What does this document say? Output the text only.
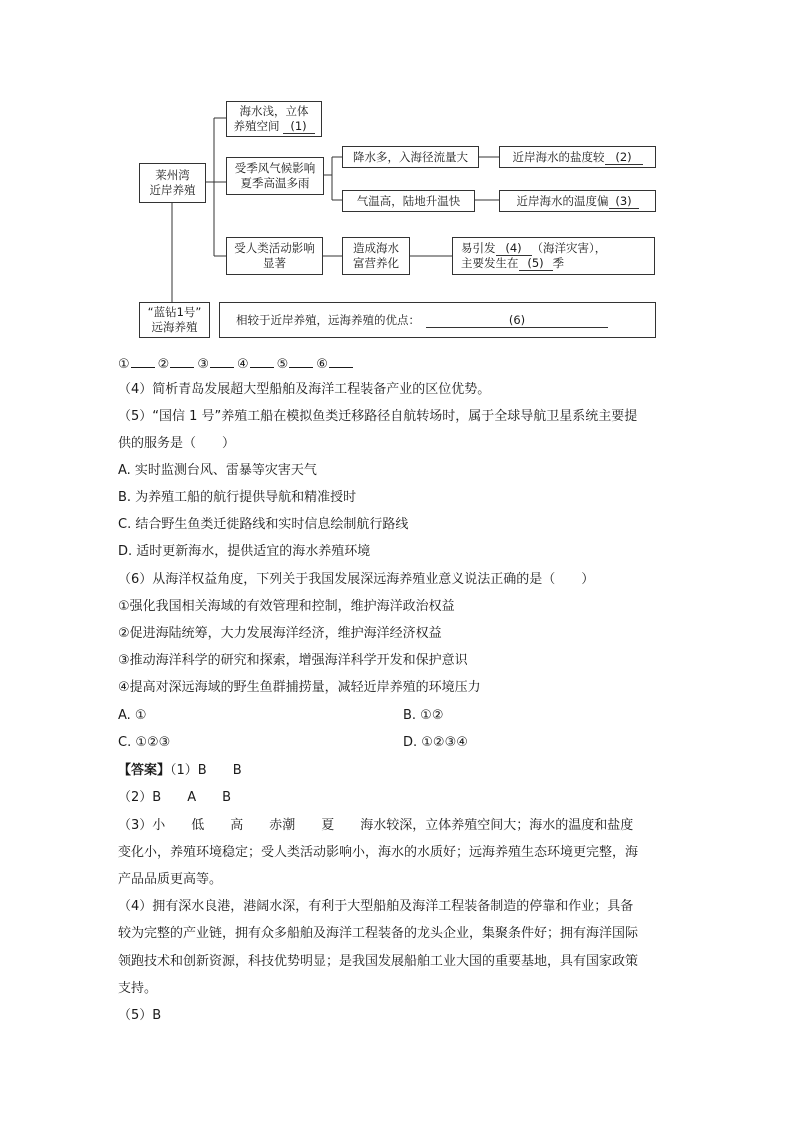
莱州湾
近岸养殖
海水浅，立体
养殖空间 (1)
受季风气候影响
夏季高温多雨
降水多，入海径流量大	近岸海水的盐度较 (2)
气温高，陆地升温快	近岸海水的温度偏 (3)
受人类活动影响
显著
造成海水
富营养化
易引发 (4) （海洋灾害），
主要发生在 (5) 季
“蓝钻1号”
远海养殖
相较于近岸养殖，远海养殖的优点：	(6)
① ② ③ ④ ⑤ ⑥
（4）简析青岛发展超大型船舶及海洋工程装备产业的区位优势。
（5）“国信 1 号”养殖工船在模拟鱼类迁移路径自航转场时，属于全球导航卫星系统主要提
供的服务是（　　）
A. 实时监测台风、雷暴等灾害天气
B. 为养殖工船的航行提供导航和精准授时
C. 结合野生鱼类迁徙路线和实时信息绘制航行路线
D. 适时更新海水，提供适宜的海水养殖环境
（6）从海洋权益角度，下列关于我国发展深远海养殖业意义说法正确的是（　　）
①强化我国相关海域的有效管理和控制，维护海洋政治权益
②促进海陆统筹，大力发展海洋经济，维护海洋经济权益
③推动海洋科学的研究和探索，增强海洋科学开发和保护意识
④提高对深远海域的野生鱼群捕捞量，减轻近岸养殖的环境压力
A. ①	B. ①②
C. ①②③	D. ①②③④
【答案】（1）B　　B
（2）B　　A　　B
（3）小　　低　　高　　赤潮　　夏　　海水较深，立体养殖空间大；海水的温度和盐度
变化小，养殖环境稳定；受人类活动影响小，海水的水质好；远海养殖生态环境更完整，海
产品品质更高等。
（4）拥有深水良港，港阔水深，有利于大型船舶及海洋工程装备制造的停靠和作业；具备
较为完整的产业链，拥有众多船舶及海洋工程装备的龙头企业，集聚条件好；拥有海洋国际
领跑技术和创新资源，科技优势明显；是我国发展船舶工业大国的重要基地，具有国家政策
支持。
（5）B
